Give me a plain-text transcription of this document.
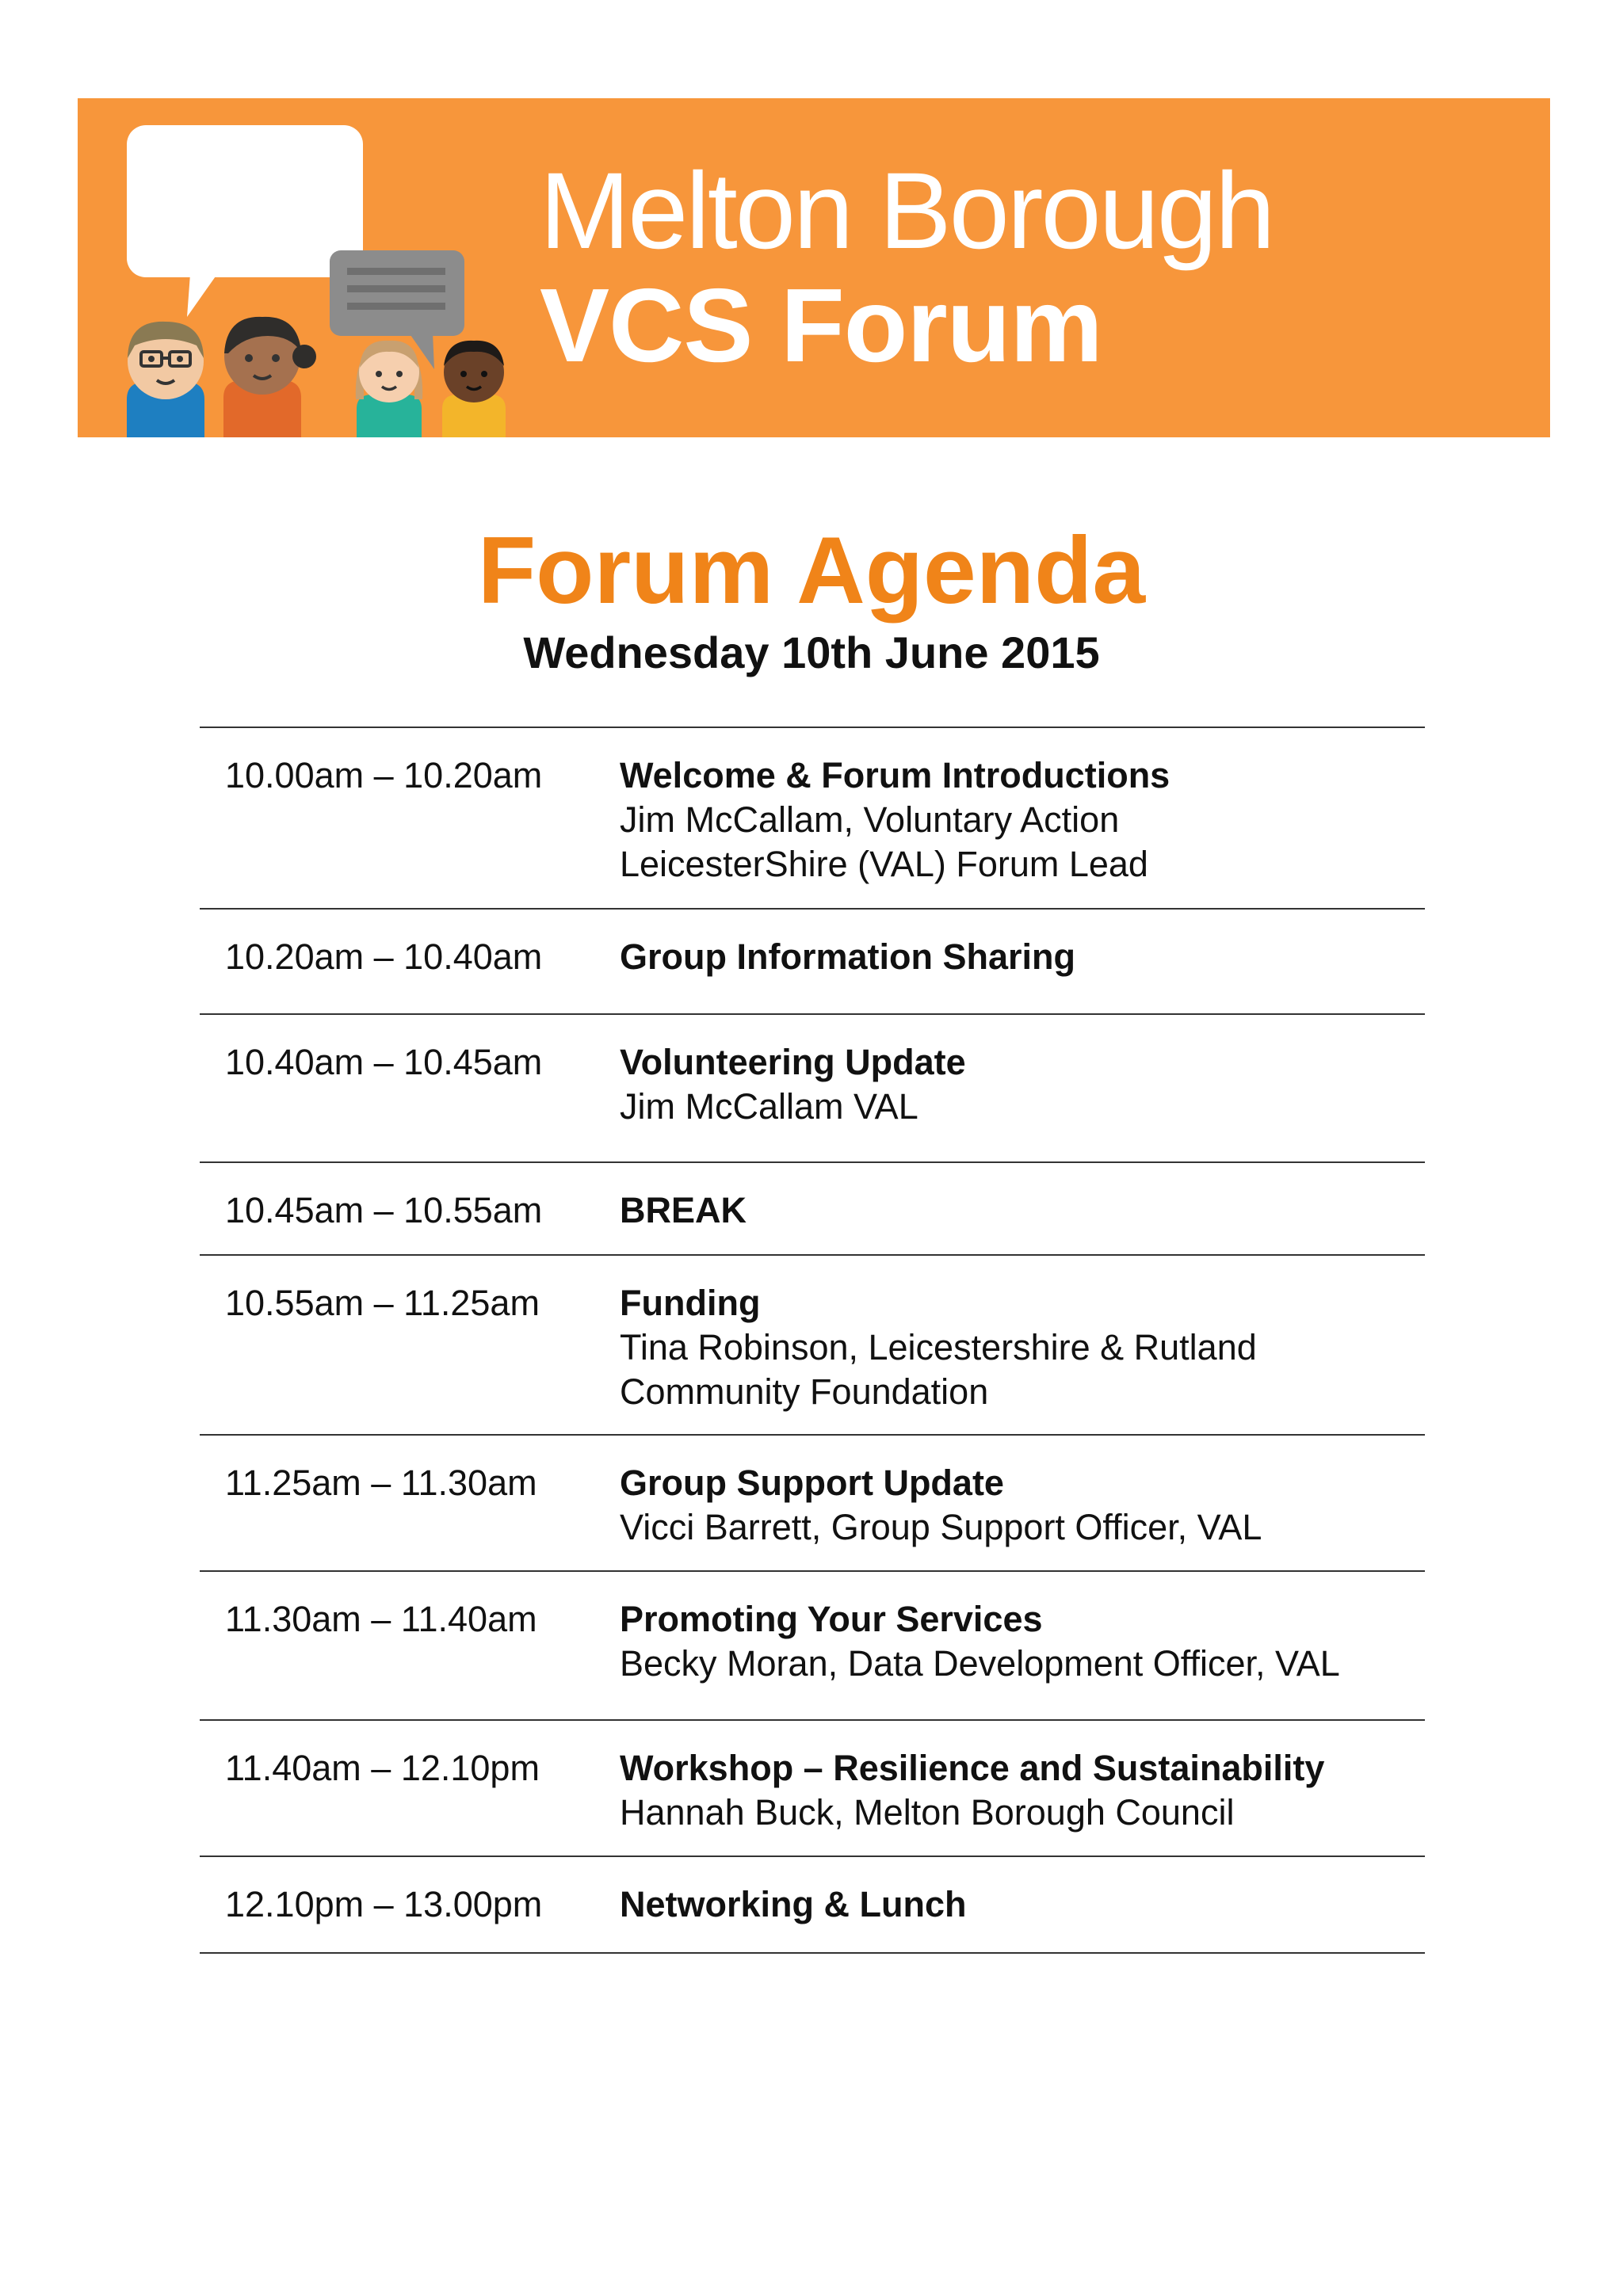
Melton Borough
VCS Forum
Forum Agenda
Wednesday 10th June 2015
10.00am – 10.20am	Welcome & Forum Introductions
Jim McCallam, Voluntary Action
LeicesterShire (VAL) Forum Lead
10.20am – 10.40am	Group Information Sharing
10.40am – 10.45am	Volunteering Update
Jim McCallam VAL
10.45am – 10.55am	BREAK
10.55am – 11.25am	Funding
Tina Robinson, Leicestershire & Rutland
Community Foundation
11.25am – 11.30am	Group Support Update
Vicci Barrett, Group Support Officer, VAL
11.30am – 11.40am	Promoting Your Services
Becky Moran, Data Development Officer, VAL
11.40am – 12.10pm	Workshop – Resilience and Sustainability
Hannah Buck, Melton Borough Council
12.10pm – 13.00pm	Networking & Lunch
